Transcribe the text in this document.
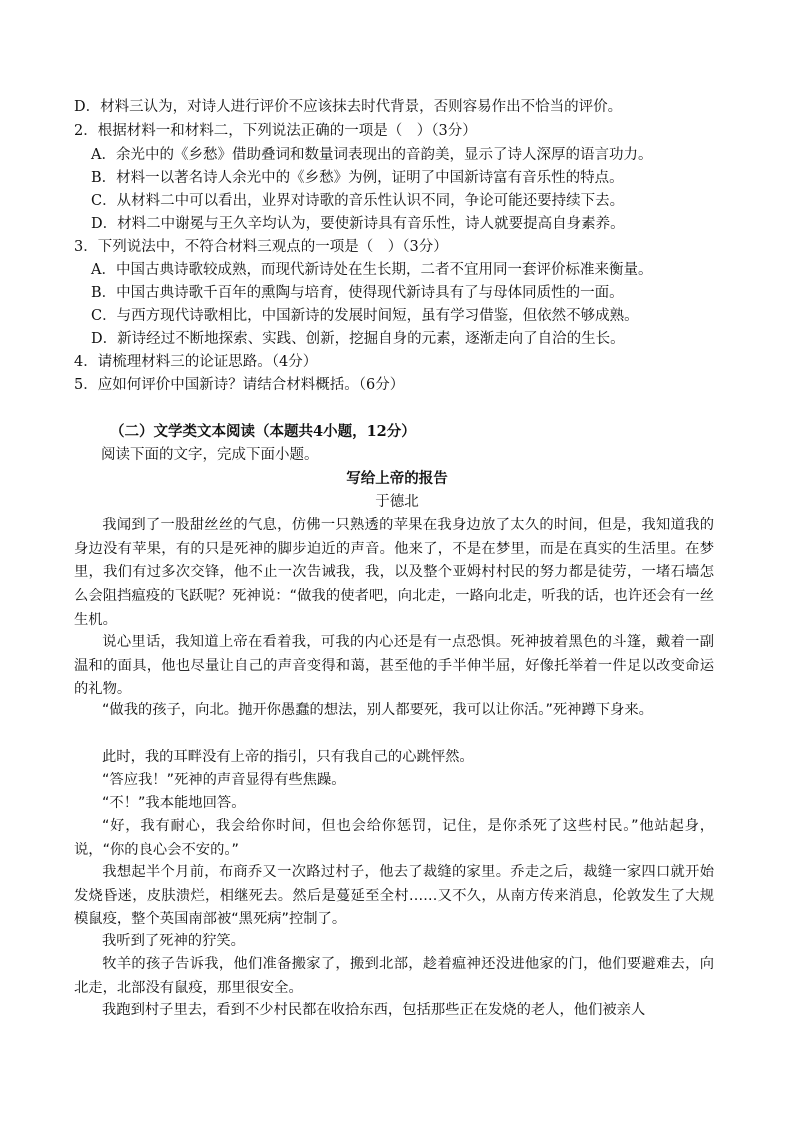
D．材料三认为，对诗人进行评价不应该抹去时代背景，否则容易作出不恰当的评价。
2．根据材料一和材料二，下列说法正确的一项是（　）（3分）
A．余光中的《乡愁》借助叠词和数量词表现出的音韵美，显示了诗人深厚的语言功力。
B．材料一以著名诗人余光中的《乡愁》为例，证明了中国新诗富有音乐性的特点。
C．从材料二中可以看出，业界对诗歌的音乐性认识不同，争论可能还要持续下去。
D．材料二中谢冕与王久辛均认为，要使新诗具有音乐性，诗人就要提高自身素养。
3．下列说法中，不符合材料三观点的一项是（　）（3分）
A．中国古典诗歌较成熟，而现代新诗处在生长期，二者不宜用同一套评价标准来衡量。
B．中国古典诗歌千百年的熏陶与培育，使得现代新诗具有了与母体同质性的一面。
C．与西方现代诗歌相比，中国新诗的发展时间短，虽有学习借鉴，但依然不够成熟。
D．新诗经过不断地探索、实践、创新，挖掘自身的元素，逐渐走向了自洽的生长。
4．请梳理材料三的论证思路。（4分）
5．应如何评价中国新诗？请结合材料概括。（6分）
（二）文学类文本阅读（本题共4小题，12分）
阅读下面的文字，完成下面小题。
写给上帝的报告
于德北
我闻到了一股甜丝丝的气息，仿佛一只熟透的苹果在我身边放了太久的时间，但是，我知道我的身边没有苹果，有的只是死神的脚步迫近的声音。他来了，不是在梦里，而是在真实的生活里。在梦里，我们有过多次交锋，他不止一次告诫我，我，以及整个亚姆村村民的努力都是徒劳，一堵石墙怎么会阻挡瘟疫的飞跃呢？死神说：“做我的使者吧，向北走，一路向北走，听我的话，也许还会有一丝生机。
说心里话，我知道上帝在看着我，可我的内心还是有一点恐惧。死神披着黑色的斗篷，戴着一副温和的面具，他也尽量让自己的声音变得和蔼，甚至他的手半伸半屈，好像托举着一件足以改变命运的礼物。
“做我的孩子，向北。抛开你愚蠢的想法，别人都要死，我可以让你活。”死神蹲下身来。
此时，我的耳畔没有上帝的指引，只有我自己的心跳怦然。
“答应我！”死神的声音显得有些焦躁。
“不！”我本能地回答。
“好，我有耐心，我会给你时间，但也会给你惩罚，记住，是你杀死了这些村民。”他站起身，说，“你的良心会不安的。”
我想起半个月前，布商乔又一次路过村子，他去了裁缝的家里。乔走之后，裁缝一家四口就开始发烧昏迷，皮肤溃烂，相继死去。然后是蔓延至全村……又不久，从南方传来消息，伦敦发生了大规模鼠疫，整个英国南部被“黑死病”控制了。
我听到了死神的狞笑。
牧羊的孩子告诉我，他们准备搬家了，搬到北部，趁着瘟神还没进他家的门，他们要避难去，向北走，北部没有鼠疫，那里很安全。
我跑到村子里去，看到不少村民都在收拾东西，包括那些正在发烧的老人，他们被亲人
